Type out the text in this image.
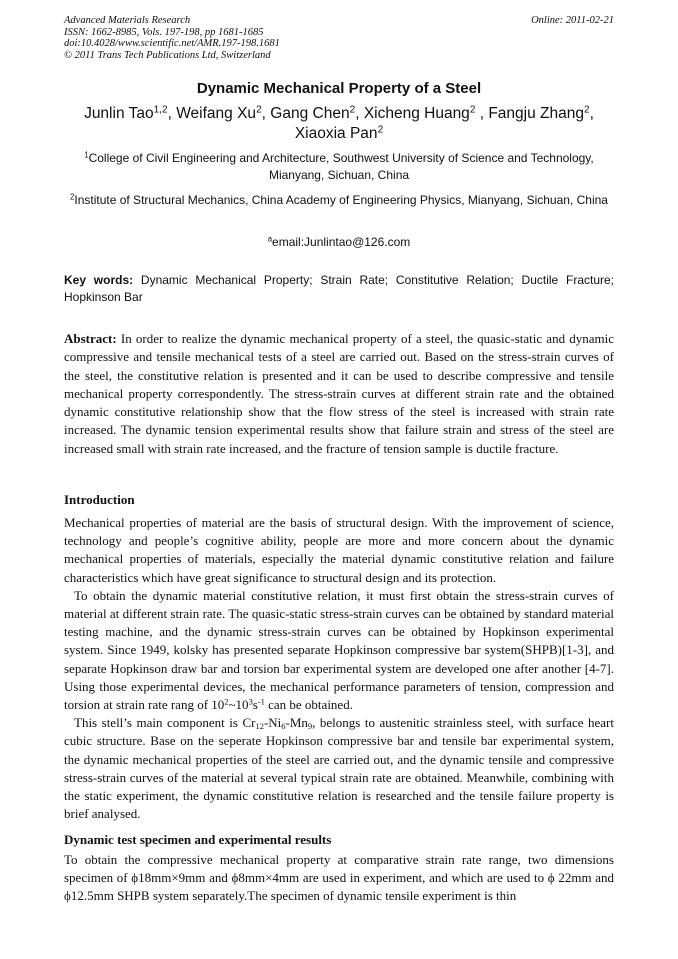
Advanced Materials Research
ISSN: 1662-8985, Vols. 197-198, pp 1681-1685
doi:10.4028/www.scientific.net/AMR.197-198.1681
© 2011 Trans Tech Publications Ltd, Switzerland
Online: 2011-02-21
Dynamic Mechanical Property of a Steel
Junlin Tao$^{1,2}$, Weifang Xu$^2$, Gang Chen$^2$, Xicheng Huang$^2$ , Fangju Zhang$^2$, Xiaoxia Pan$^2$
$^1$College of Civil Engineering and Architecture, Southwest University of Science and Technology, Mianyang, Sichuan, China
$^2$Institute of Structural Mechanics, China Academy of Engineering Physics, Mianyang, Sichuan, China
$^a$email:Junlintao@126.com
Key words: Dynamic Mechanical Property; Strain Rate; Constitutive Relation; Ductile Fracture; Hopkinson Bar
Abstract: In order to realize the dynamic mechanical property of a steel, the quasic-static and dynamic compressive and tensile mechanical tests of a steel are carried out. Based on the stress-strain curves of the steel, the constitutive relation is presented and it can be used to describe compressive and tensile mechanical property correspondently. The stress-strain curves at different strain rate and the obtained dynamic constitutive relationship show that the flow stress of the steel is increased with strain rate increased. The dynamic tension experimental results show that failure strain and stress of the steel are increased small with strain rate increased, and the fracture of tension sample is ductile fracture.
Introduction

Mechanical properties of material are the basis of structural design. With the improvement of science, technology and people’s cognitive ability, people are more and more concern about the dynamic mechanical properties of materials, especially the material dynamic constitutive relation and failure characteristics which have great significance to structural design and its protection.

To obtain the dynamic material constitutive relation, it must first obtain the stress-strain curves of material at different strain rate. The quasic-static stress-strain curves can be obtained by standard material testing machine, and the dynamic stress-strain curves can be obtained by Hopkinson experimental system. Since 1949, kolsky has presented separate Hopkinson compressive bar system(SHPB)[1-3], and separate Hopkinson draw bar and torsion bar experimental system are developed one after another [4-7]. Using those experimental devices, the mechanical performance parameters of tension, compression and torsion at strain rate rang of $10^2\sim 10^3s^{-1}$ can be obtained.

This stell’s main component is $Cr_{12}-Ni_6-Mn_9$, belongs to austenitic strainless steel, with surface heart cubic structure. Base on the seperate Hopkinson compressive bar and tensile bar experimental system, the dynamic mechanical properties of the steel are carried out, and the dynamic tensile and compressive stress-strain curves of the material at several typical strain rate are obtained. Meanwhile, combining with the static experiment, the dynamic constitutive relation is researched and the tensile failure property is brief analysed.

Dynamic test specimen and experimental results
To obtain the compressive mechanical property at comparative strain rate range, two dimensions specimen of ϕ18mm×9mm and ϕ8mm×4mm are used in experiment, and which are used to ϕ 22mm and ϕ12.5mm SHPB system separately.The specimen of dynamic tensile experiment is thin
